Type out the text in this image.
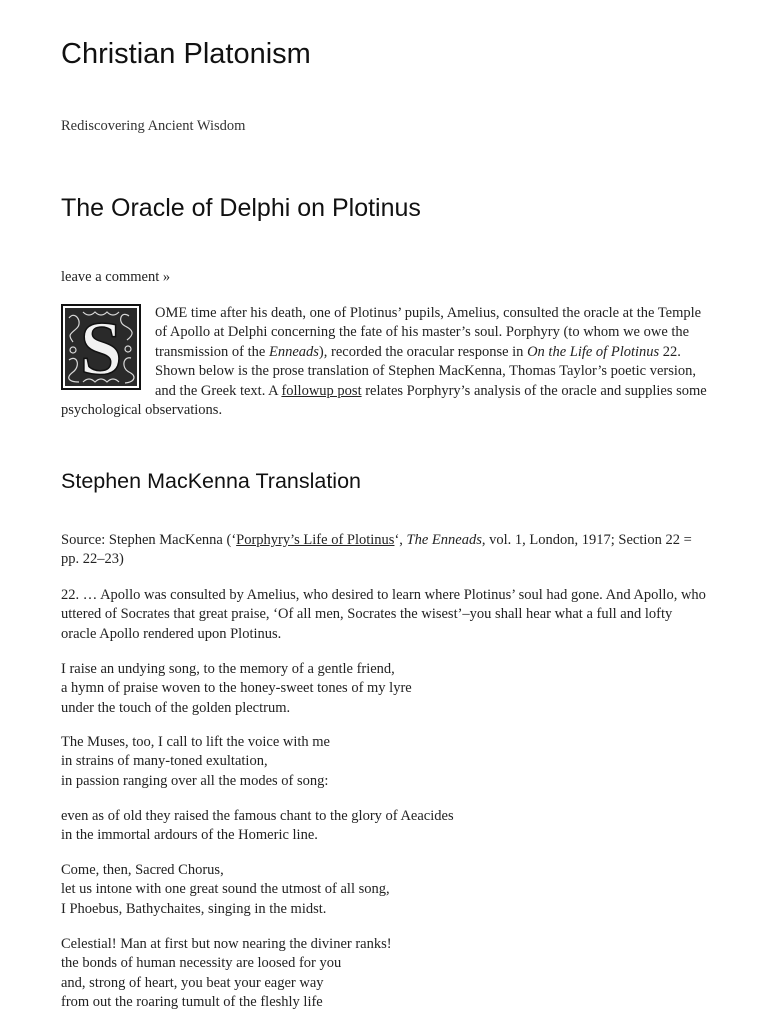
Christian Platonism
Rediscovering Ancient Wisdom
The Oracle of Delphi on Plotinus
leave a comment »

S OME time after his death, one of Plotinus’ pupils, Amelius, consulted the oracle at the Temple of Apollo at Delphi concerning the fate of his master’s soul. Porphyry (to whom we owe the transmission of the Enneads), recorded the oracular response in On the Life of Plotinus 22. Shown below is the prose translation of Stephen MacKenna, Thomas Taylor’s poetic version, and the Greek text. A followup post relates Porphyry’s analysis of the oracle and supplies some psychological observations.

Stephen MacKenna Translation

Source: Stephen MacKenna (‘Porphyry’s Life of Plotinus‘, The Enneads, vol. 1, London, 1917; Section 22 = pp. 22–23)

22. … Apollo was consulted by Amelius, who desired to learn where Plotinus’ soul had gone. And Apollo, who uttered of Socrates that great praise, ‘Of all men, Socrates the wisest’–you shall hear what a full and lofty oracle Apollo rendered upon Plotinus.

I raise an undying song, to the memory of a gentle friend,
a hymn of praise woven to the honey-sweet tones of my lyre
under the touch of the golden plectrum.

The Muses, too, I call to lift the voice with me
in strains of many-toned exultation,
in passion ranging over all the modes of song:

even as of old they raised the famous chant to the glory of Aeacides
in the immortal ardours of the Homeric line.

Come, then, Sacred Chorus,
let us intone with one great sound the utmost of all song,
I Phoebus, Bathychaites, singing in the midst.

Celestial! Man at first but now nearing the diviner ranks!
the bonds of human necessity are loosed for you
and, strong of heart, you beat your eager way
from out the roaring tumult of the fleshly life
